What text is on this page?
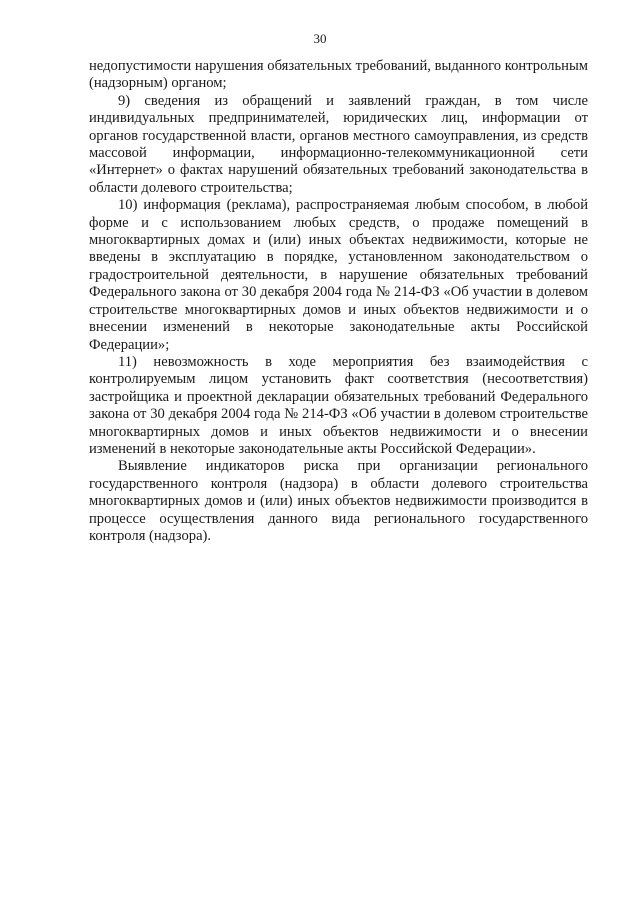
30

недопустимости нарушения обязательных требований, выданного контрольным (надзорным) органом;

9) сведения из обращений и заявлений граждан, в том числе индивидуальных предпринимателей, юридических лиц, информации от органов государственной власти, органов местного самоуправления, из средств массовой информации, информационно-телекоммуникационной сети «Интернет» о фактах нарушений обязательных требований законодательства в области долевого строительства;

10) информация (реклама), распространяемая любым способом, в любой форме и с использованием любых средств, о продаже помещений в многоквартирных домах и (или) иных объектах недвижимости, которые не введены в эксплуатацию в порядке, установленном законодательством о градостроительной деятельности, в нарушение обязательных требований Федерального закона от 30 декабря 2004 года № 214-ФЗ «Об участии в долевом строительстве многоквартирных домов и иных объектов недвижимости и о внесении изменений в некоторые законодательные акты Российской Федерации»;

11) невозможность в ходе мероприятия без взаимодействия с контролируемым лицом установить факт соответствия (несоответствия) застройщика и проектной декларации обязательных требований Федерального закона от 30 декабря 2004 года № 214-ФЗ «Об участии в долевом строительстве многоквартирных домов и иных объектов недвижимости и о внесении изменений в некоторые законодательные акты Российской Федерации».

Выявление индикаторов риска при организации регионального государственного контроля (надзора) в области долевого строительства многоквартирных домов и (или) иных объектов недвижимости производится в процессе осуществления данного вида регионального государственного контроля (надзора).
